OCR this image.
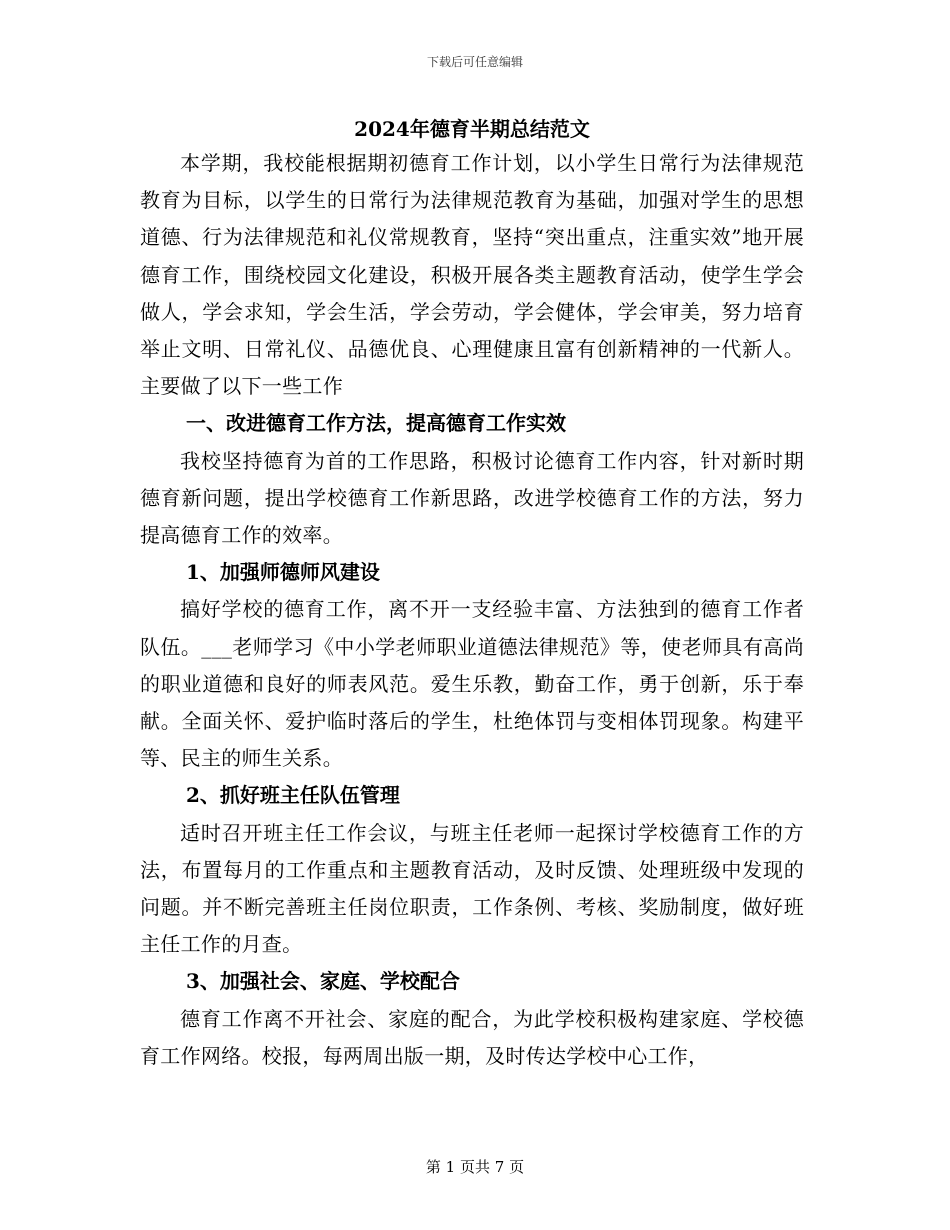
下载后可任意编辑
2024年德育半期总结范文

本学期，我校能根据期初德育工作计划，以小学生日常行为法律规范教育为目标，以学生的日常行为法律规范教育为基础，加强对学生的思想道德、行为法律规范和礼仪常规教育，坚持“突出重点，注重实效”地开展德育工作，围绕校园文化建设，积极开展各类主题教育活动，使学生学会做人，学会求知，学会生活，学会劳动，学会健体，学会审美，努力培育举止文明、日常礼仪、品德优良、心理健康且富有创新精神的一代新人。主要做了以下一些工作

一、改进德育工作方法，提高德育工作实效

我校坚持德育为首的工作思路，积极讨论德育工作内容，针对新时期德育新问题，提出学校德育工作新思路，改进学校德育工作的方法，努力提高德育工作的效率。

1、加强师德师风建设

搞好学校的德育工作，离不开一支经验丰富、方法独到的德育工作者队伍。___老师学习《中小学老师职业道德法律规范》等，使老师具有高尚的职业道德和良好的师表风范。爱生乐教，勤奋工作，勇于创新，乐于奉献。全面关怀、爱护临时落后的学生，杜绝体罚与变相体罚现象。构建平等、民主的师生关系。

2、抓好班主任队伍管理

适时召开班主任工作会议，与班主任老师一起探讨学校德育工作的方法，布置每月的工作重点和主题教育活动，及时反馈、处理班级中发现的问题。并不断完善班主任岗位职责，工作条例、考核、奖励制度，做好班主任工作的月查。

3、加强社会、家庭、学校配合

德育工作离不开社会、家庭的配合，为此学校积极构建家庭、学校德育工作网络。校报，每两周出版一期，及时传达学校中心工作，

第 1 页共 7 页
